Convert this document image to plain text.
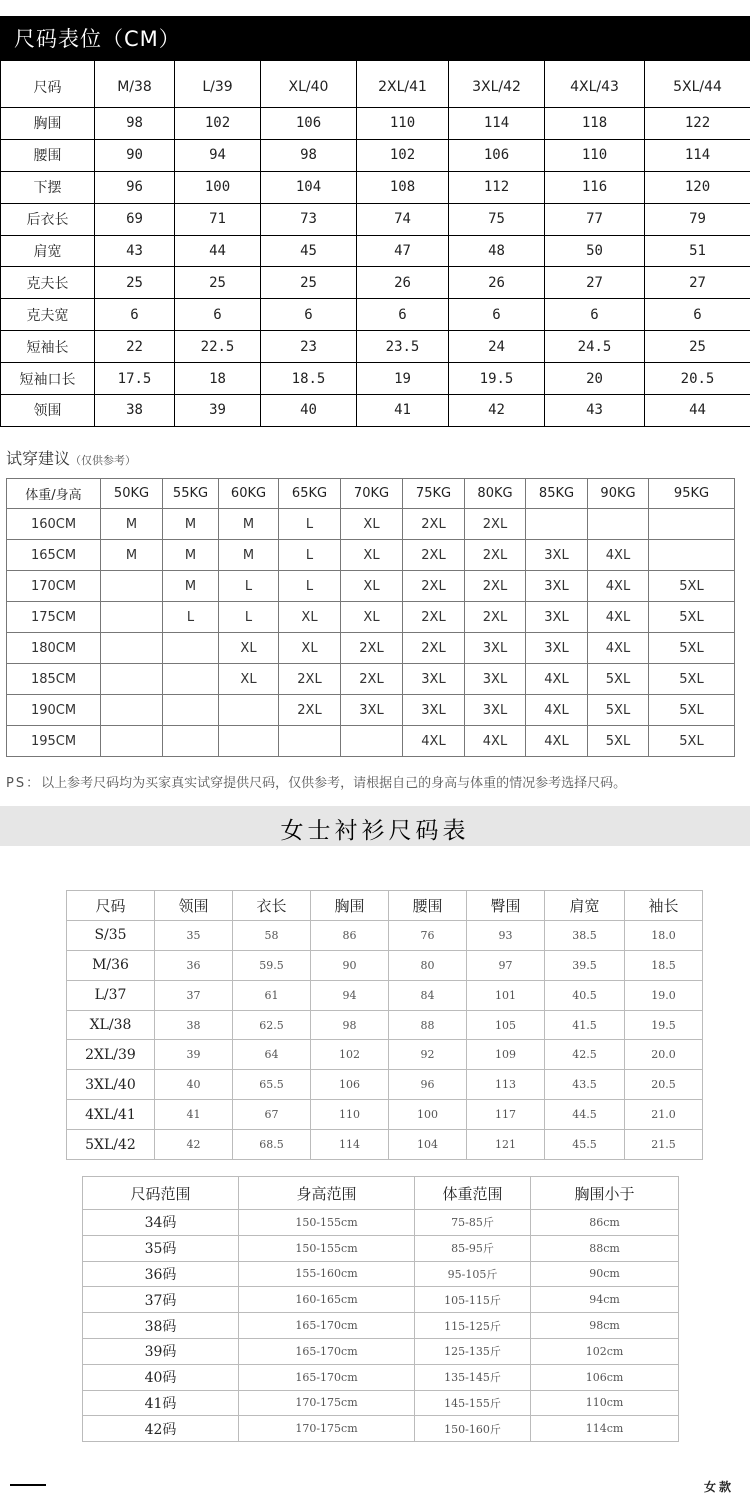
尺码表位（CM）
尺码	M/38	L/39	XL/40	2XL/41	3XL/42	4XL/43	5XL/44
胸围	98	102	106	110	114	118	122
腰围	90	94	98	102	106	110	114
下摆	96	100	104	108	112	116	120
后衣长	69	71	73	74	75	77	79
肩宽	43	44	45	47	48	50	51
克夫长	25	25	25	26	26	27	27
克夫宽	6	6	6	6	6	6	6
短袖长	22	22.5	23	23.5	24	24.5	25
短袖口长	17.5	18	18.5	19	19.5	20	20.5
领围	38	39	40	41	42	43	44
试穿建议（仅供参考）
体重/身高	50KG	55KG	60KG	65KG	70KG	75KG	80KG	85KG	90KG	95KG
160CM	M	M	M	L	XL	2XL	2XL			
165CM	M	M	M	L	XL	2XL	2XL	3XL	4XL	
170CM		M	L	L	XL	2XL	2XL	3XL	4XL	5XL
175CM		L	L	XL	XL	2XL	2XL	3XL	4XL	5XL
180CM			XL	XL	2XL	2XL	3XL	3XL	4XL	5XL
185CM			XL	2XL	2XL	3XL	3XL	4XL	5XL	5XL
190CM				2XL	3XL	3XL	3XL	4XL	5XL	5XL
195CM						4XL	4XL	4XL	5XL	5XL
PS：以上参考尺码均为买家真实试穿提供尺码，仅供参考，请根据自己的身高与体重的情况参考选择尺码。
女士衬衫尺码表
尺码	领围	衣长	胸围	腰围	臀围	肩宽	袖长
S/35	35	58	86	76	93	38.5	18.0
M/36	36	59.5	90	80	97	39.5	18.5
L/37	37	61	94	84	101	40.5	19.0
XL/38	38	62.5	98	88	105	41.5	19.5
2XL/39	39	64	102	92	109	42.5	20.0
3XL/40	40	65.5	106	96	113	43.5	20.5
4XL/41	41	67	110	100	117	44.5	21.0
5XL/42	42	68.5	114	104	121	45.5	21.5
尺码范围	身高范围	体重范围	胸围小于
34码	150-155cm	75-85斤	86cm
35码	150-155cm	85-95斤	88cm
36码	155-160cm	95-105斤	90cm
37码	160-165cm	105-115斤	94cm
38码	165-170cm	115-125斤	98cm
39码	165-170cm	125-135斤	102cm
40码	165-170cm	135-145斤	106cm
41码	170-175cm	145-155斤	110cm
42码	170-175cm	150-160斤	114cm
女款
